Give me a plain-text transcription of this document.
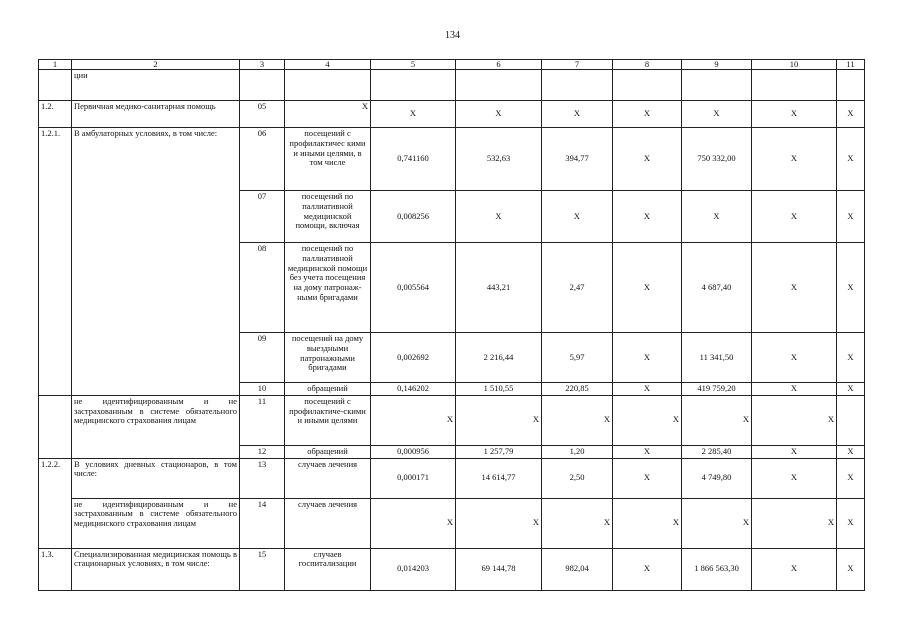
134
1	2	3	4	5	6	7	8	9	10	11
	ции									
1.2.	Первичная медико-санитарная помощь	05	X	X	X	X	X	X	X	X
1.2.1.	В амбулаторных условиях, в том числе:	06	посещений с профилактичес кими и иными целями, в том числе	0,741160	532,63	394,77	X	750 332,00	X	X
		07	посещений по паллиативной медицинской помощи, включая	0,008256	X	X	X	X	X	X
		08	посещений по паллиативной медицинской помощи без учета посещения на дому патронаж-ными бригадами	0,005564	443,21	2,47	X	4 687,40	X	X
		09	посещений на дому выездными патронажными бригадами	0,002692	2 216,44	5,97	X	11 341,50	X	X
		10	обращений	0,146202	1 510,55	220,85	X	419 759,20	X	X
	не идентифицированным и не застрахованным в системе обязательного медицинского страхования лицам	11	посещений с профилактиче-скими и иными целями	X	X	X	X	X	X	
		12	обращений	0,000956	1 257,79	1,20	X	2 285,40	X	X
1.2.2.	В условиях дневных стационаров, в том числе:	13	случаев лечения	0,000171	14 614,77	2,50	X	4 749,80	X	X
	не идентифицированным и не застрахованным в системе обязательного медицинского страхования лицам	14	случаев лечения	X	X	X	X	X	X	X
1.3.	Специализированная медицинская помощь в стационарных условиях, в том числе:	15	случаев госпитализации	0,014203	69 144,78	982,04	X	1 866 563,30	X	X
